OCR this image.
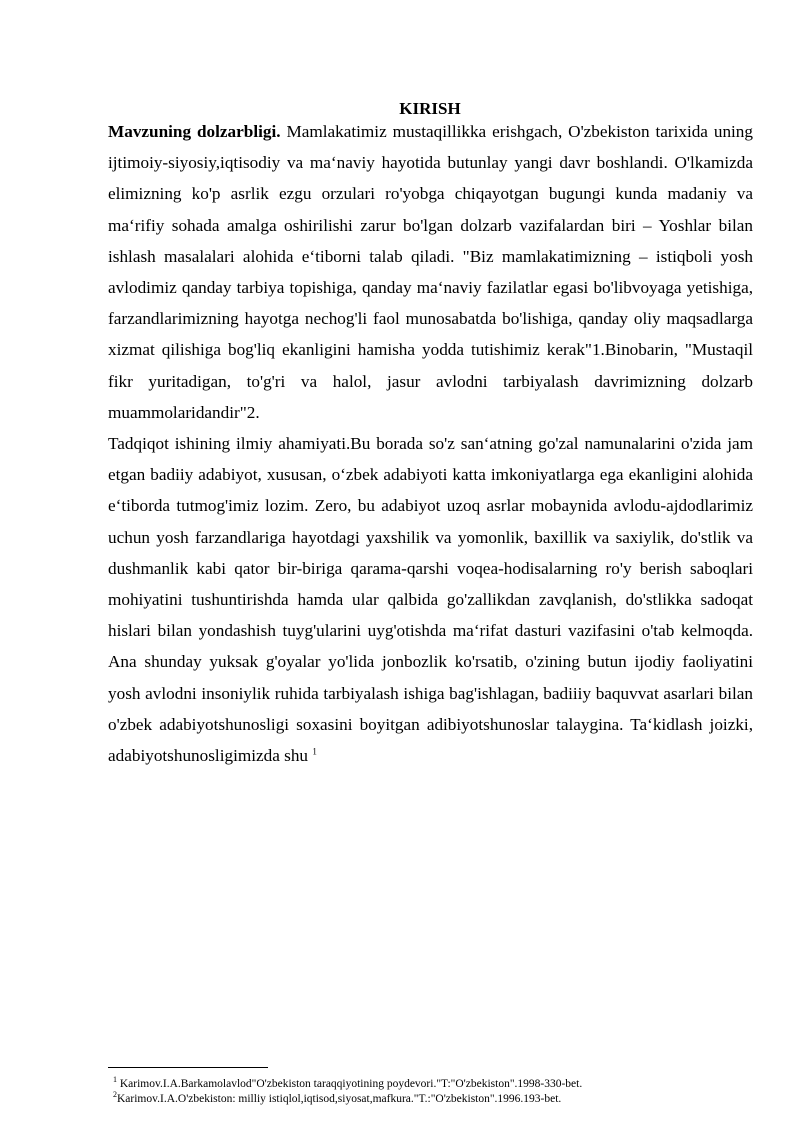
KIRISH

Mavzuning dolzarbligi. Mamlakatimiz mustaqillikka erishgach, O'zbekiston tarixida uning ijtimoiy-siyosiy,iqtisodiy va ma‘naviy hayotida butunlay yangi davr boshlandi. O'lkamizda elimizning ko'p asrlik ezgu orzulari ro'yobga chiqayotgan bugungi kunda madaniy va ma‘rifiy sohada amalga oshirilishi zarur bo'lgan dolzarb vazifalardan biri – Yoshlar bilan ishlash masalalari alohida e‘tiborni talab qiladi. "Biz mamlakatimizning – istiqboli yosh avlodimiz qanday tarbiya topishiga, qanday ma‘naviy fazilatlar egasi bo'libvoyaga yetishiga, farzandlarimizning hayotga nechog'li faol munosabatda bo'lishiga, qanday oliy maqsadlarga xizmat qilishiga bog'liq ekanligini hamisha yodda tutishimiz kerak"1.Binobarin, "Mustaqil fikr yuritadigan, to'g'ri va halol, jasur avlodni tarbiyalash davrimizning dolzarb muammolaridandir"2.

Tadqiqot ishining ilmiy ahamiyati.Bu borada so'z san‘atning go'zal namunalarini o'zida jam etgan badiiy adabiyot, xususan, o‘zbek adabiyoti katta imkoniyatlarga ega ekanligini alohida e‘tiborda tutmog'imiz lozim. Zero, bu adabiyot uzoq asrlar mobaynida avlodu-ajdodlarimiz uchun yosh farzandlariga hayotdagi yaxshilik va yomonlik, baxillik va saxiylik, do'stlik va dushmanlik kabi qator bir-biriga qarama-qarshi voqea-hodisalarning ro'y berish saboqlari mohiyatini tushuntirishda hamda ular qalbida go'zallikdan zavqlanish, do'stlikka sadoqat hislari bilan yondashish tuyg'ularini uyg'otishda ma‘rifat dasturi vazifasini o'tab kelmoqda. Ana shunday yuksak g'oyalar yo'lida jonbozlik ko'rsatib, o'zining butun ijodiy faoliyatini yosh avlodni insoniylik ruhida tarbiyalash ishiga bag'ishlagan, badiiiy baquvvat asarlari bilan o'zbek adabiyotshunosligi soxasini boyitgan adibiyotshunoslar talaygina. Ta‘kidlash joizki, adabiyotshunosligimizda shu $^1$

$^1$ Karimov.I.A.Barkamolavlod"O'zbekiston taraqqiyotining poydevori."T:"O'zbekiston".1998-330-bet.

$^2$Karimov.I.A.O'zbekiston: milliy istiqlol,iqtisod,siyosat,mafkura."T.:"O'zbekiston".1996.193-bet.
